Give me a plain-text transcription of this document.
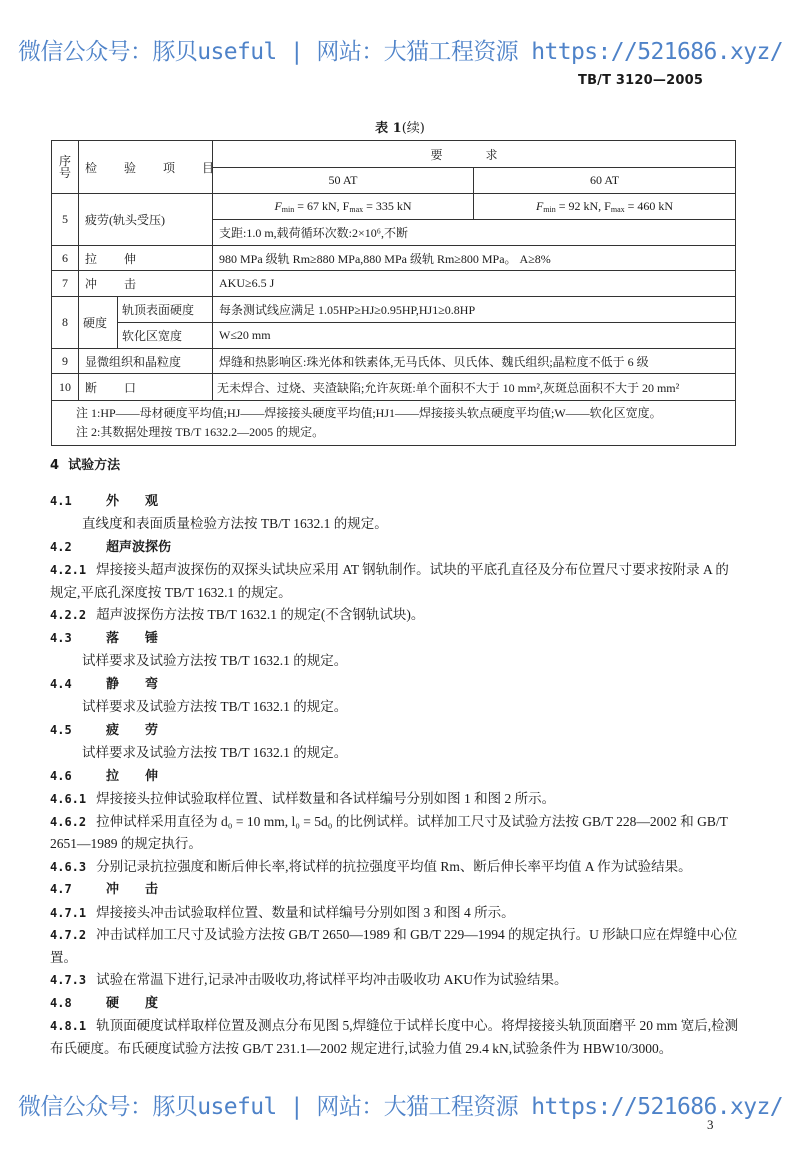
微信公众号：豚贝useful | 网站：大猫工程资源 https://521686.xyz/
TB/T 3120—2005
表 1(续)
序号	检 验 项 目		要 求	
			50 AT	60 AT
5	疲劳(轨头受压)		$F_{min} = 67$ kN, $F_{max} = 335$ kN	$F_{min} = 92$ kN, $F_{max} = 460$ kN
			支距:1.0 m,载荷循环次数:2×10⁶,不断	
6	拉 伸		980 MPa 级轨 Rm≥880 MPa,880 MPa 级轨 Rm≥800 MPa。 A≥8%	
7	冲 击		AKU≥6.5 J	
8	硬度	轨顶表面硬度	每条测试线应满足 1.05HP≥HJ≥0.95HP,HJ1≥0.8HP	
		软化区宽度	W≤20 mm	
9	显微组织和晶粒度		焊缝和热影响区:珠光体和铁素体,无马氏体、贝氏体、魏氏组织;晶粒度不低于 6 级	
10	断 口		无未焊合、过烧、夹渣缺陷;允许灰斑:单个面积不大于 10 mm²,灰斑总面积不大于 20 mm²	

注 1:HP——母材硬度平均值;HJ——焊接接头硬度平均值;HJ1——焊接接头软点硬度平均值;W——软化区宽度。
注 2:其数据处理按 TB/T 1632.2—2005 的规定。				
4 试验方法
4.1	外观
直线度和表面质量检验方法按 TB/T 1632.1 的规定。
4.2	超声波探伤
4.2.1 焊接接头超声波探伤的双探头试块应采用 AT 钢轨制作。试块的平底孔直径及分布位置尺寸要求按附录 A 的规定,平底孔深度按 TB/T 1632.1 的规定。
4.2.2 超声波探伤方法按 TB/T 1632.1 的规定(不含钢轨试块)。
4.3	落锤
试样要求及试验方法按 TB/T 1632.1 的规定。
4.4	静弯
试样要求及试验方法按 TB/T 1632.1 的规定。
4.5	疲劳
试样要求及试验方法按 TB/T 1632.1 的规定。
4.6	拉伸
4.6.1 焊接接头拉伸试验取样位置、试样数量和各试样编号分别如图 1 和图 2 所示。
4.6.2 拉伸试样采用直径为 d₀ = 10 mm, l₀ = 5d₀ 的比例试样。试样加工尺寸及试验方法按 GB/T 228—2002 和 GB/T 2651—1989 的规定执行。
4.6.3 分别记录抗拉强度和断后伸长率,将试样的抗拉强度平均值 Rm、断后伸长率平均值 A 作为试验结果。
4.7	冲击
4.7.1 焊接接头冲击试验取样位置、数量和试样编号分别如图 3 和图 4 所示。
4.7.2 冲击试样加工尺寸及试验方法按 GB/T 2650—1989 和 GB/T 229—1994 的规定执行。U 形缺口应在焊缝中心位置。
4.7.3 试验在常温下进行,记录冲击吸收功,将试样平均冲击吸收功 AKU作为试验结果。
4.8	硬度
4.8.1 轨顶面硬度试样取样位置及测点分布见图 5,焊缝位于试样长度中心。将焊接接头轨顶面磨平 20 mm 宽后,检测布氏硬度。布氏硬度试验方法按 GB/T 231.1—2002 规定进行,试验力值 29.4 kN,试验条件为 HBW10/3000。
微信公众号：豚贝useful | 网站：大猫工程资源 https://521686.xyz/
3
